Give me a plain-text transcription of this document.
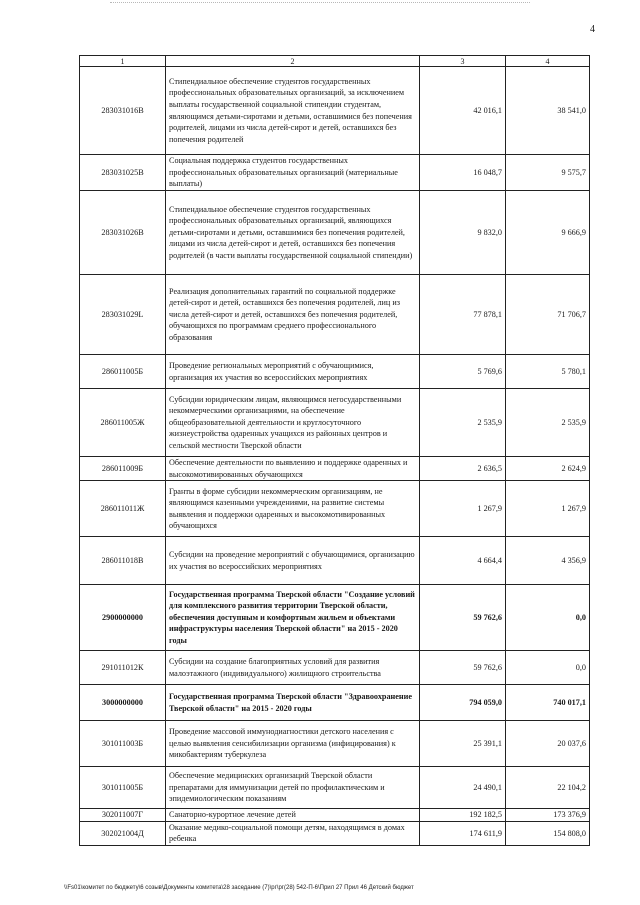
4
1	2	3	4
283031016В	Стипендиальное обеспечение студентов государственных профессиональных образовательных организаций, за исключением выплаты государственной социальной стипендии студентам, являющимся детьми-сиротами и детьми, оставшимися без попечения родителей, лицами из числа детей-сирот и детей, оставшихся без попечения родителей	42 016,1	38 541,0
283031025В	Социальная поддержка студентов государственных профессиональных образовательных организаций (материальные выплаты)	16 048,7	9 575,7
283031026В	Стипендиальное обеспечение студентов государственных профессиональных образовательных организаций, являющихся детьми-сиротами и детьми, оставшимися без попечения родителей, лицами из числа детей-сирот и детей, оставшихся без попечения родителей (в части выплаты государственной социальной стипендии)	9 832,0	9 666,9
283031029L	Реализация дополнительных гарантий по социальной поддержке детей-сирот и детей, оставшихся без попечения родителей, лиц из числа детей-сирот и детей, оставшихся без попечения родителей, обучающихся по программам среднего профессионального образования	77 878,1	71 706,7
286011005Б	Проведение региональных мероприятий с обучающимися, организация их участия во всероссийских мероприятиях	5 769,6	5 780,1
286011005Ж	Субсидии юридическим лицам, являющимся негосударственными некоммерческими организациями, на обеспечение общеобразовательной деятельности и круглосуточного жизнеустройства одаренных учащихся из районных центров и сельской местности Тверской области	2 535,9	2 535,9
286011009Б	Обеспечение деятельности по выявлению и поддержке одаренных и высокомотивированных обучающихся	2 636,5	2 624,9
286011011Ж	Гранты в форме субсидии некоммерческим организациям, не являющимся казенными учреждениями, на развитие системы выявления и поддержки одаренных и высокомотивированных обучающихся	1 267,9	1 267,9
286011018В	Субсидии на проведение мероприятий с обучающимися, организацию их участия во всероссийских мероприятиях	4 664,4	4 356,9
2900000000	Государственная программа Тверской области "Создание условий для комплексного развития территории Тверской области, обеспечения доступным и комфортным жильем и объектами инфраструктуры населения Тверской области" на 2015 - 2020 годы	59 762,6	0,0
291011012К	Субсидии на создание благоприятных условий для развития малоэтажного (индивидуального) жилищного строительства	59 762,6	0,0
3000000000	Государственная программа Тверской области "Здравоохранение Тверской области" на 2015 - 2020 годы	794 059,0	740 017,1
301011003Б	Проведение массовой иммунодиагностики детского населения с целью выявления сенсибилизации организма (инфицирования) к микобактериям туберкулеза	25 391,1	20 037,6
301011005Б	Обеспечение медицинских организаций Тверской области препаратами для иммунизации детей по профилактическим и эпидемиологическим показаниям	24 490,1	22 104,2
302011007Г	Санаторно-курортное лечение детей	192 182,5	173 376,9
302021004Д	Оказание медико-социальной помощи детям, находящимся в домах ребенка	174 611,9	154 808,0
\\Fs01\комитет по бюджету\6 созыв\Документы комитета\28 заседание (7)\рг\рг(28) 542-П-6\Прил 27 Прил 46 Детский бюджет
